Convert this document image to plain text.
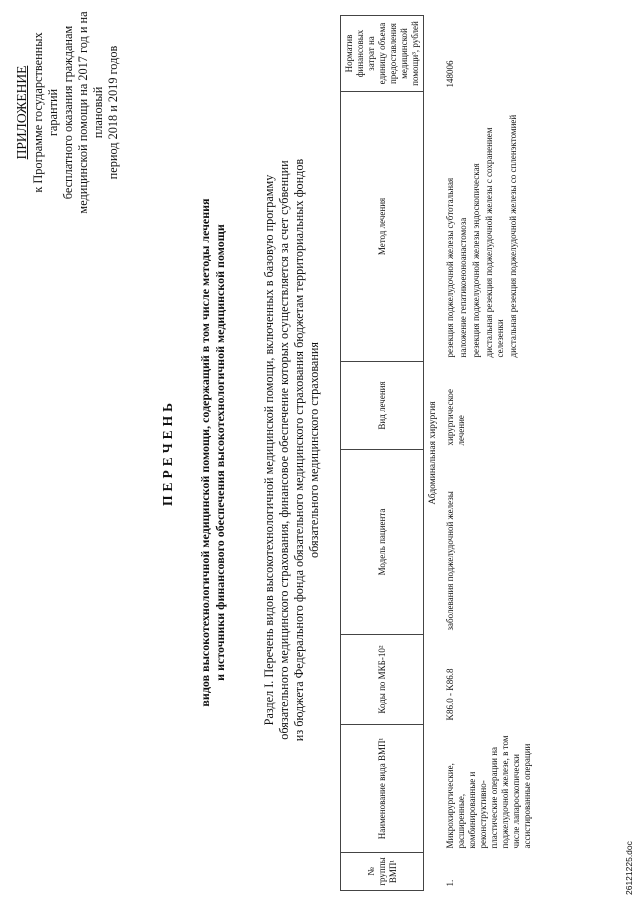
ПРИЛОЖЕНИЕ к Программе государственных гарантий бесплатного оказания гражданам медицинской помощи на 2017 год и на плановый период 2018 и 2019 годов
ПЕРЕЧЕНЬ видов высокотехнологичной медицинской помощи, содержащий в том числе методы лечения и источники финансового обеспечения высокотехнологичной медицинской помощи	Раздел I. Перечень видов высокотехнологичной медицинской помощи, включенных в базовую программу обязательного медицинского страхования, финансовое обеспечение которых осуществляется за счет субвенции из бюджета Федерального фонда обязательного медицинского страхования бюджетам территориальных фондов обязательного медицинского страхования
№ группы ВМП¹	Наименование вида ВМП¹	Коды по МКБ-10²	Модель пациента	Вид лечения	Метод лечения	Норматив финансовых затрат на единицу объема предоставления медицинской помощи³, рублей
Абдоминальная хирургия						
1.	Микрохирургические, расширенные, комбинированные и реконструктивно-пластические операции на поджелудочной железе, в том числе лапароскопически ассистированные операции	K86.0 - K86.8	заболевания поджелудочной железы	хирургическое лечение	резекция поджелудочной железы субтотальная наложение гепатикоеюноанастомоза резекция поджелудочной железы эндоскопическая дистальная резекция поджелудочной железы с сохранением селезенки дистальная резекция поджелудочной железы со спленэктомией	148006
26121225.doc
